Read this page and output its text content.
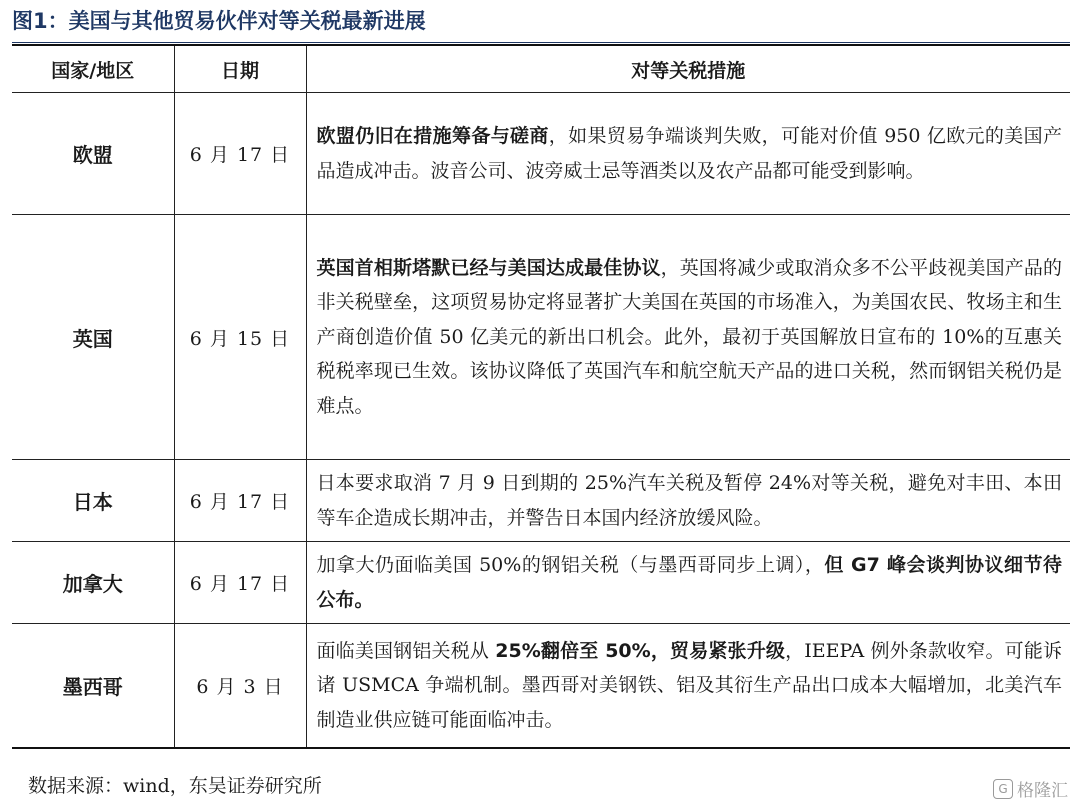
图1：美国与其他贸易伙伴对等关税最新进展
国家/地区	日期	对等关税措施
欧盟	6 月 17 日	欧盟仍旧在措施筹备与磋商，如果贸易争端谈判失败，可能对价值 950 亿欧元的美国产品造成冲击。波音公司、波旁威士忌等酒类以及农产品都可能受到影响。
英国	6 月 15 日	英国首相斯塔默已经与美国达成最佳协议，英国将减少或取消众多不公平歧视美国产品的非关税壁垒，这项贸易协定将显著扩大美国在英国的市场准入，为美国农民、牧场主和生产商创造价值 50 亿美元的新出口机会。此外，最初于英国解放日宣布的 10%的互惠关税税率现已生效。该协议降低了英国汽车和航空航天产品的进口关税，然而钢铝关税仍是难点。
日本	6 月 17 日	日本要求取消 7 月 9 日到期的 25%汽车关税及暂停 24%对等关税，避免对丰田、本田等车企造成长期冲击，并警告日本国内经济放缓风险。
加拿大	6 月 17 日	加拿大仍面临美国 50%的钢铝关税（与墨西哥同步上调），但 G7 峰会谈判协议细节待公布。
墨西哥	6 月 3 日	面临美国钢铝关税从 25%翻倍至 50%，贸易紧张升级，IEEPA 例外条款收窄。可能诉诸 USMCA 争端机制。墨西哥对美钢铁、铝及其衍生产品出口成本大幅增加，北美汽车制造业供应链可能面临冲击。
数据来源：wind，东吴证券研究所	G 格隆汇
